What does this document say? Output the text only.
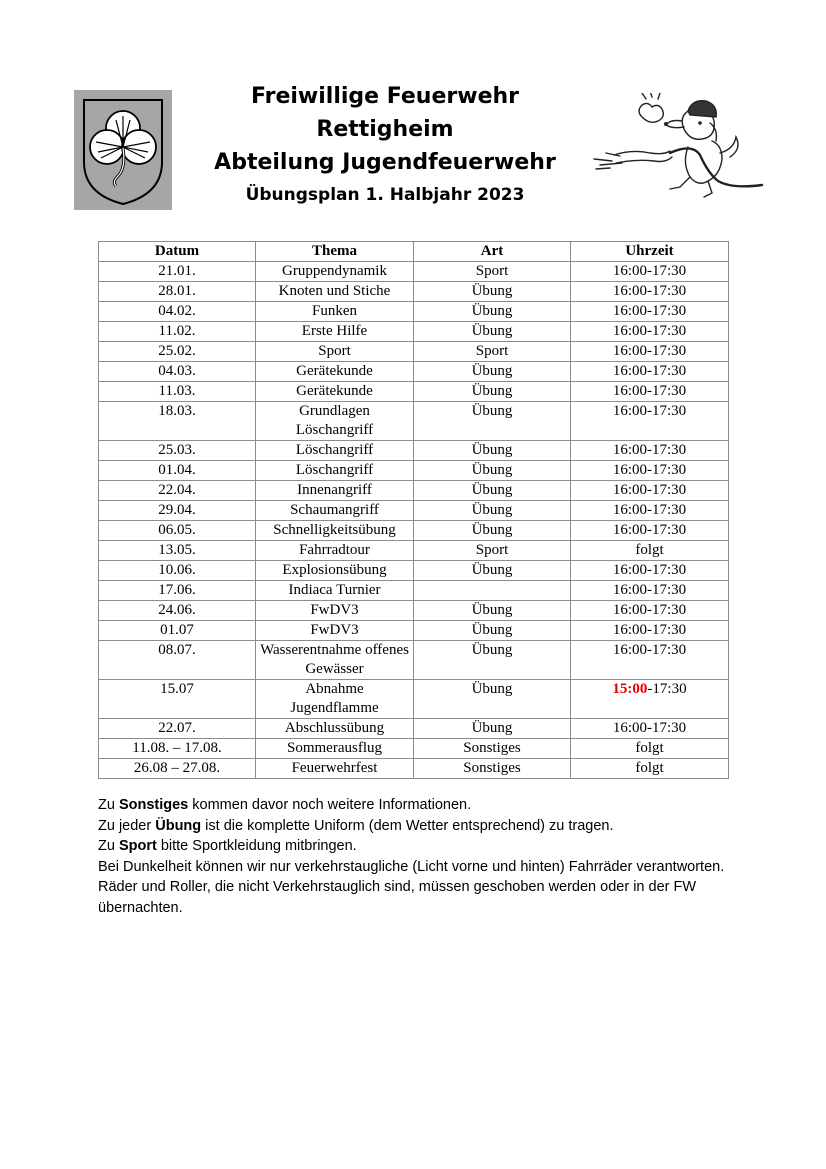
Freiwillige Feuerwehr
Rettigheim
Abteilung Jugendfeuerwehr
Übungsplan 1. Halbjahr 2023
Datum	Thema	Art	Uhrzeit
21.01.	Gruppendynamik	Sport	16:00-17:30
28.01.	Knoten und Stiche	Übung	16:00-17:30
04.02.	Funken	Übung	16:00-17:30
11.02.	Erste Hilfe	Übung	16:00-17:30
25.02.	Sport	Sport	16:00-17:30
04.03.	Gerätekunde	Übung	16:00-17:30
11.03.	Gerätekunde	Übung	16:00-17:30
18.03.	Grundlagen Löschangriff	Übung	16:00-17:30
25.03.	Löschangriff	Übung	16:00-17:30
01.04.	Löschangriff	Übung	16:00-17:30
22.04.	Innenangriff	Übung	16:00-17:30
29.04.	Schaumangriff	Übung	16:00-17:30
06.05.	Schnelligkeitsübung	Übung	16:00-17:30
13.05.	Fahrradtour	Sport	folgt
10.06.	Explosionsübung	Übung	16:00-17:30
17.06.	Indiaca Turnier		16:00-17:30
24.06.	FwDV3	Übung	16:00-17:30
01.07	FwDV3	Übung	16:00-17:30
08.07.	Wasserentnahme offenes Gewässer	Übung	16:00-17:30
15.07	Abnahme Jugendflamme	Übung	15:00-17:30
22.07.	Abschlussübung	Übung	16:00-17:30
11.08. – 17.08.	Sommerausflug	Sonstiges	folgt
26.08 – 27.08.	Feuerwehrfest	Sonstiges	folgt

Zu Sonstiges kommen davor noch weitere Informationen.

Zu jeder Übung ist die komplette Uniform (dem Wetter entsprechend) zu tragen.

Zu Sport bitte Sportkleidung mitbringen.

Bei Dunkelheit können wir nur verkehrstaugliche (Licht vorne und hinten) Fahrräder verantworten. Räder und Roller, die nicht Verkehrstauglich sind, müssen geschoben werden oder in der FW übernachten.
